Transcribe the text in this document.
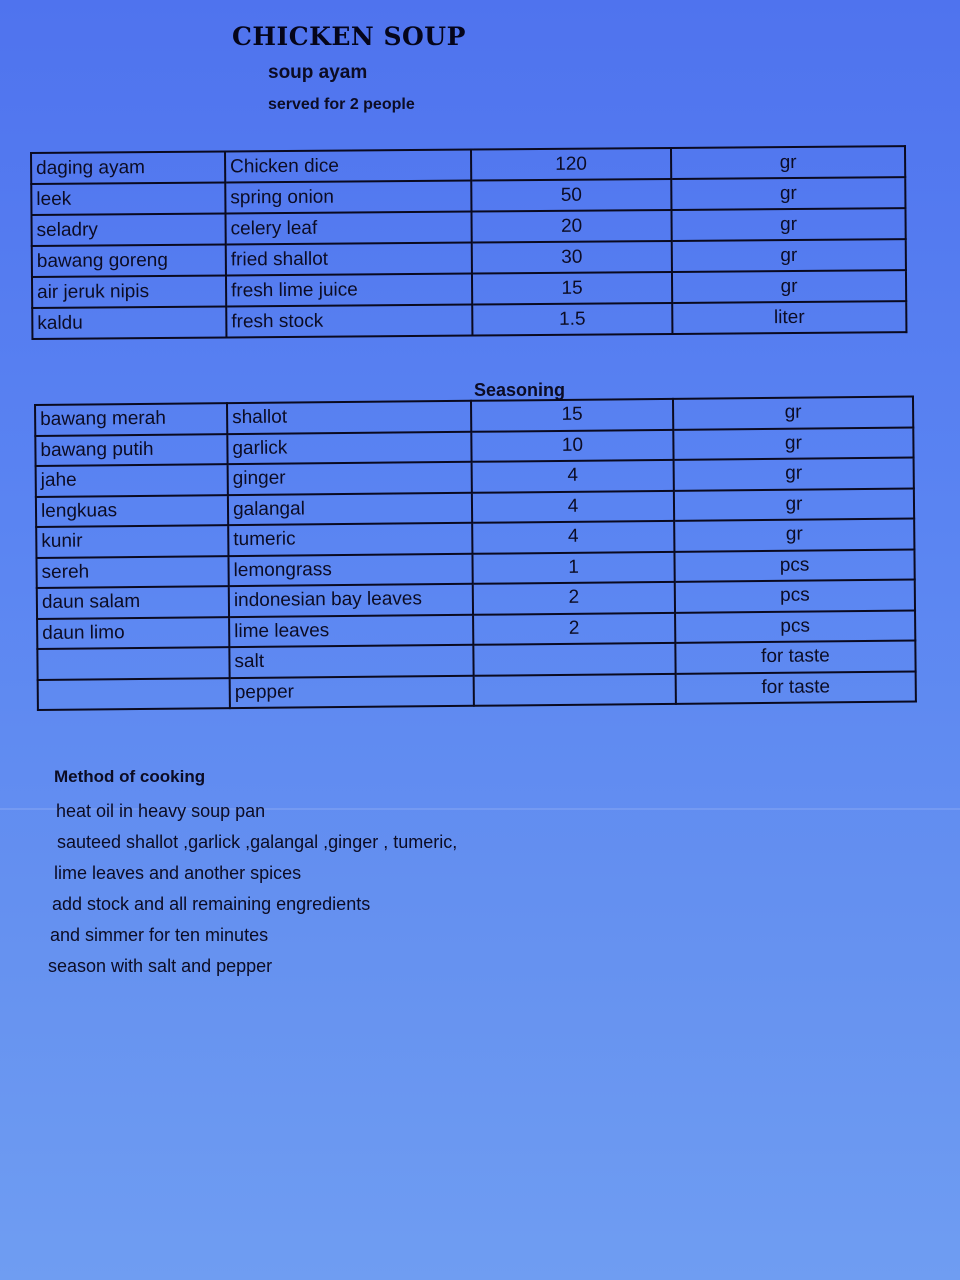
CHICKEN SOUP
soup ayam
served for 2 people
daging ayam	Chicken dice	120	gr
leek	spring onion	50	gr
seladry	celery leaf	20	gr
bawang goreng	fried shallot	30	gr
air jeruk nipis	fresh lime juice	15	gr
kaldu	fresh stock	1.5	liter
Seasoning
bawang merah	shallot	15	gr
bawang putih	garlick	10	gr
jahe	ginger	4	gr
lengkuas	galangal	4	gr
kunir	tumeric	4	gr
sereh	lemongrass	1	pcs
daun salam	indonesian bay leaves	2	pcs
daun limo	lime leaves	2	pcs
	salt		for taste
	pepper		for taste
Method of cooking
heat oil in heavy soup pan
sauteed shallot ,garlick ,galangal ,ginger , tumeric,
lime leaves and another spices
add stock and all remaining engredients
and simmer for ten minutes
season with salt and pepper
